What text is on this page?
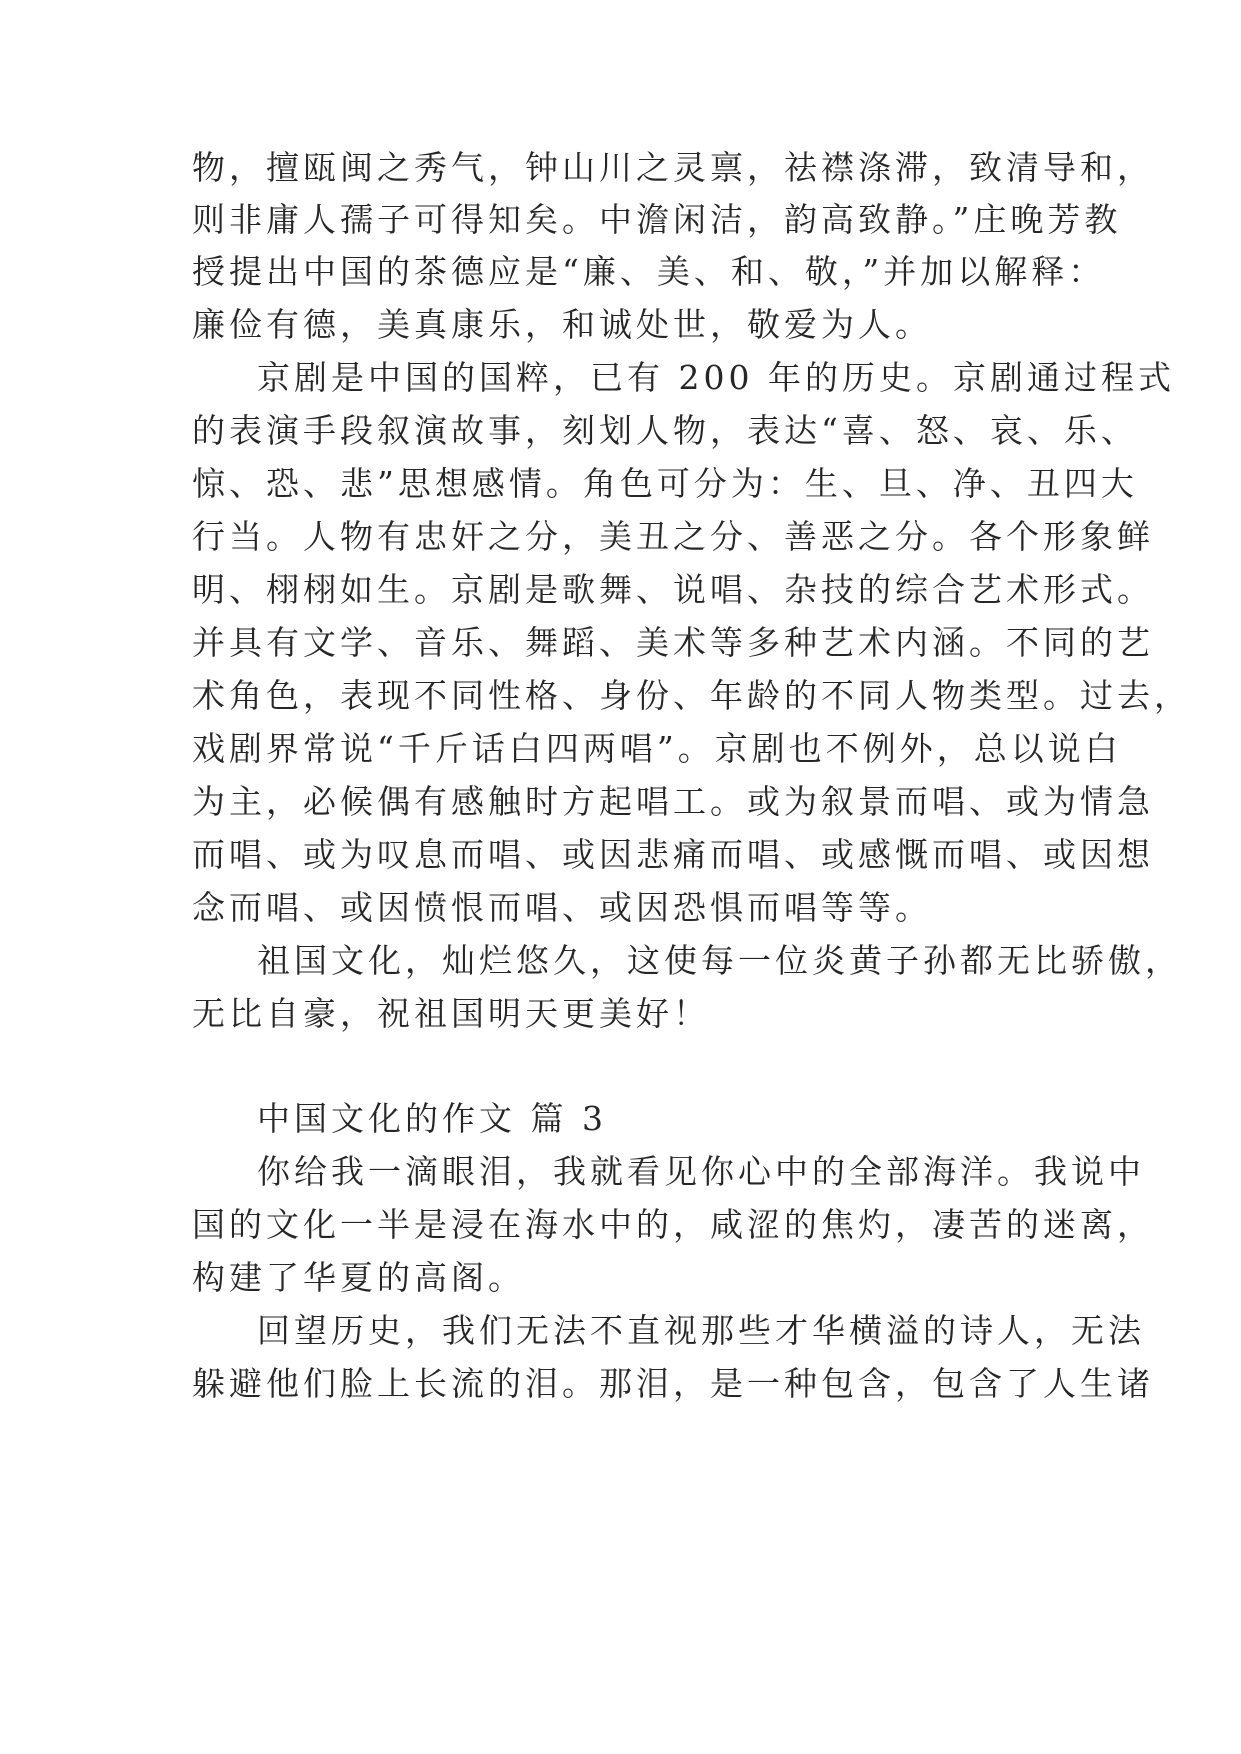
物，擅瓯闽之秀气，钟山川之灵禀，祛襟涤滞，致清导和，
则非庸人孺子可得知矣。中澹闲洁，韵高致静。”庄晚芳教
授提出中国的茶德应是“廉、美、和、敬，”并加以解释：
廉俭有德，美真康乐，和诚处世，敬爱为人。
京剧是中国的国粹，已有 200 年的历史。京剧通过程式
的表演手段叙演故事，刻划人物，表达“喜、怒、哀、乐、
惊、恐、悲”思想感情。角色可分为：生、旦、净、丑四大
行当。人物有忠奸之分，美丑之分、善恶之分。各个形象鲜
明、栩栩如生。京剧是歌舞、说唱、杂技的综合艺术形式。
并具有文学、音乐、舞蹈、美术等多种艺术内涵。不同的艺
术角色，表现不同性格、身份、年龄的不同人物类型。过去，
戏剧界常说“千斤话白四两唱”。京剧也不例外，总以说白
为主，必候偶有感触时方起唱工。或为叙景而唱、或为情急
而唱、或为叹息而唱、或因悲痛而唱、或感慨而唱、或因想
念而唱、或因愤恨而唱、或因恐惧而唱等等。
祖国文化，灿烂悠久，这使每一位炎黄子孙都无比骄傲，
无比自豪，祝祖国明天更美好！
中国文化的作文 篇 3
你给我一滴眼泪，我就看见你心中的全部海洋。我说中
国的文化一半是浸在海水中的，咸涩的焦灼，凄苦的迷离，
构建了华夏的高阁。
回望历史，我们无法不直视那些才华横溢的诗人，无法
躲避他们脸上长流的泪。那泪，是一种包含，包含了人生诸
